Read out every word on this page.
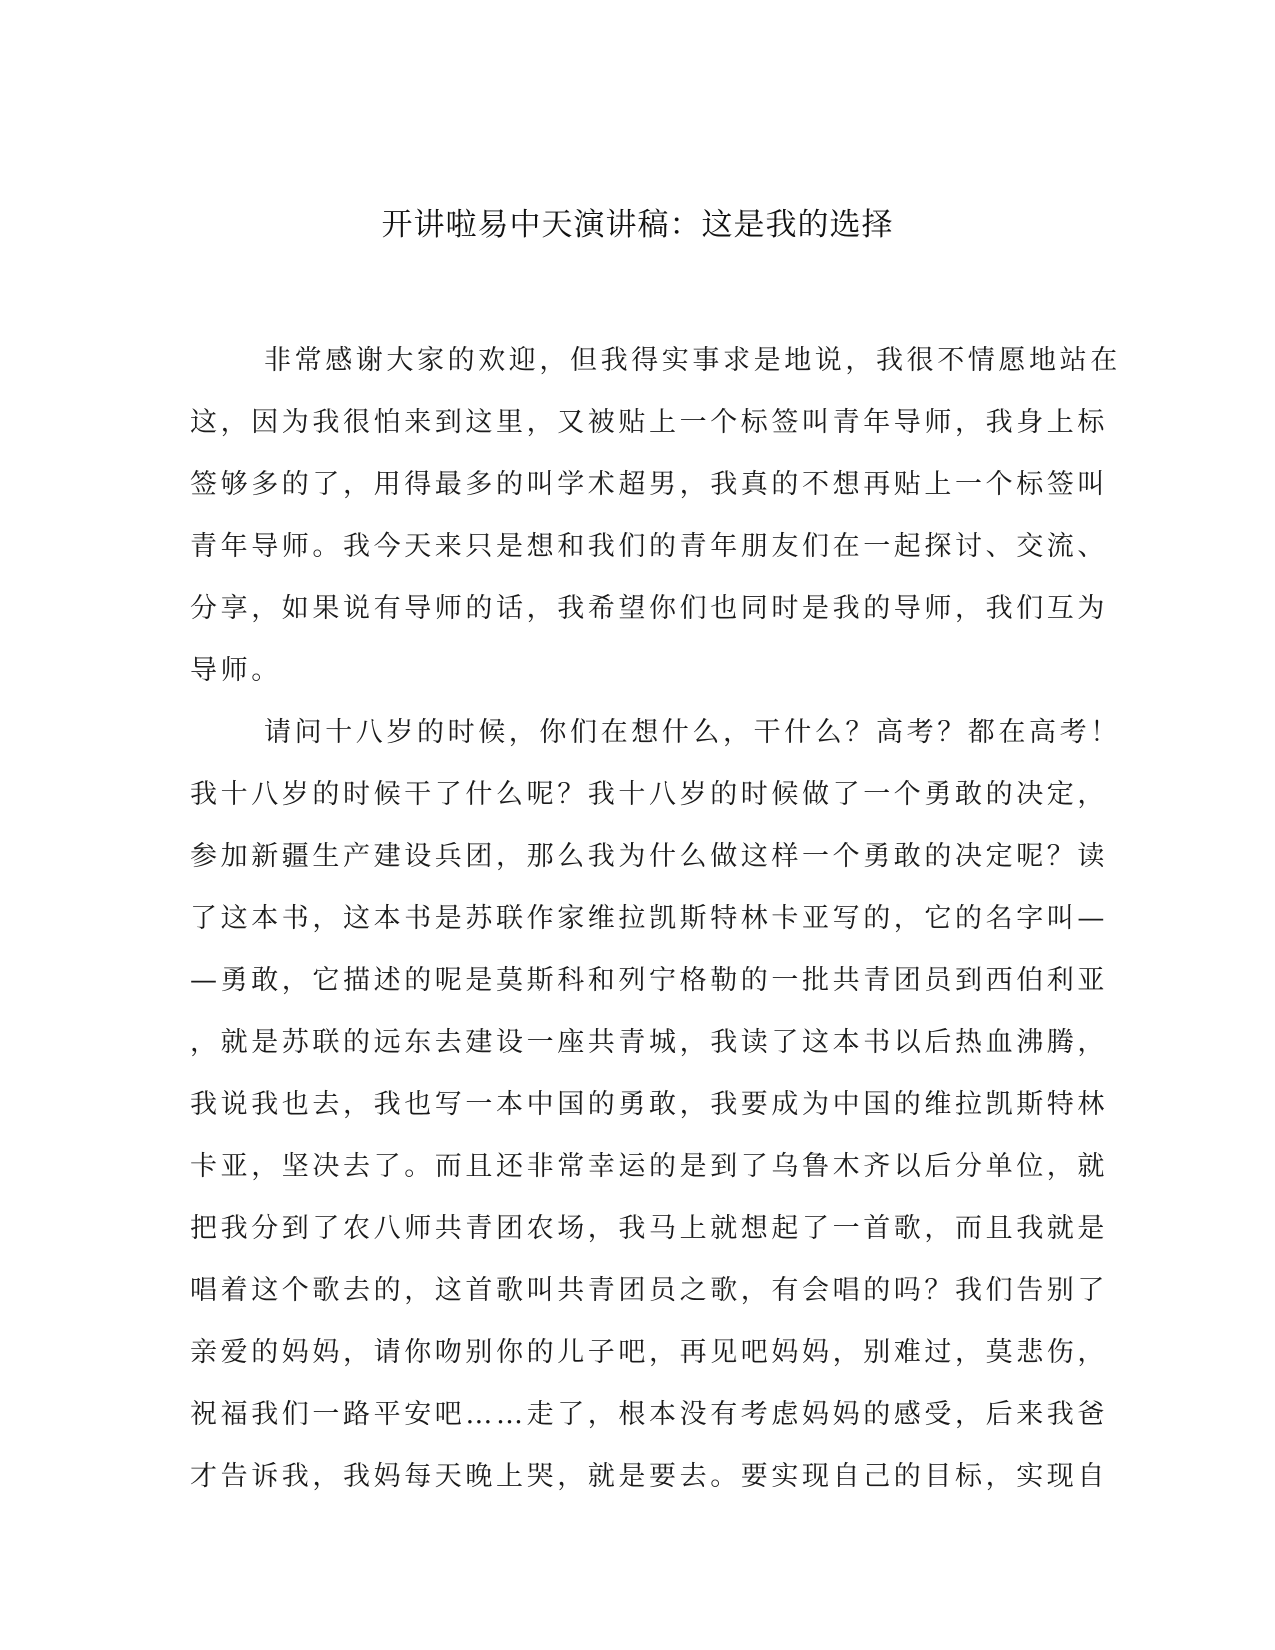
开讲啦易中天演讲稿：这是我的选择
非常感谢大家的欢迎，但我得实事求是地说，我很不情愿地站在
这，因为我很怕来到这里，又被贴上一个标签叫青年导师，我身上标
签够多的了，用得最多的叫学术超男，我真的不想再贴上一个标签叫
青年导师。我今天来只是想和我们的青年朋友们在一起探讨、交流、
分享，如果说有导师的话，我希望你们也同时是我的导师，我们互为
导师。
请问十八岁的时候，你们在想什么，干什么？高考？都在高考！
我十八岁的时候干了什么呢？我十八岁的时候做了一个勇敢的决定，
参加新疆生产建设兵团，那么我为什么做这样一个勇敢的决定呢？读
了这本书，这本书是苏联作家维拉凯斯特林卡亚写的，它的名字叫—
—勇敢，它描述的呢是莫斯科和列宁格勒的一批共青团员到西伯利亚
，就是苏联的远东去建设一座共青城，我读了这本书以后热血沸腾，
我说我也去，我也写一本中国的勇敢，我要成为中国的维拉凯斯特林
卡亚，坚决去了。而且还非常幸运的是到了乌鲁木齐以后分单位，就
把我分到了农八师共青团农场，我马上就想起了一首歌，而且我就是
唱着这个歌去的，这首歌叫共青团员之歌，有会唱的吗？我们告别了
亲爱的妈妈，请你吻别你的儿子吧，再见吧妈妈，别难过，莫悲伤，
祝福我们一路平安吧……走了，根本没有考虑妈妈的感受，后来我爸
才告诉我，我妈每天晚上哭，就是要去。要实现自己的目标，实现自
